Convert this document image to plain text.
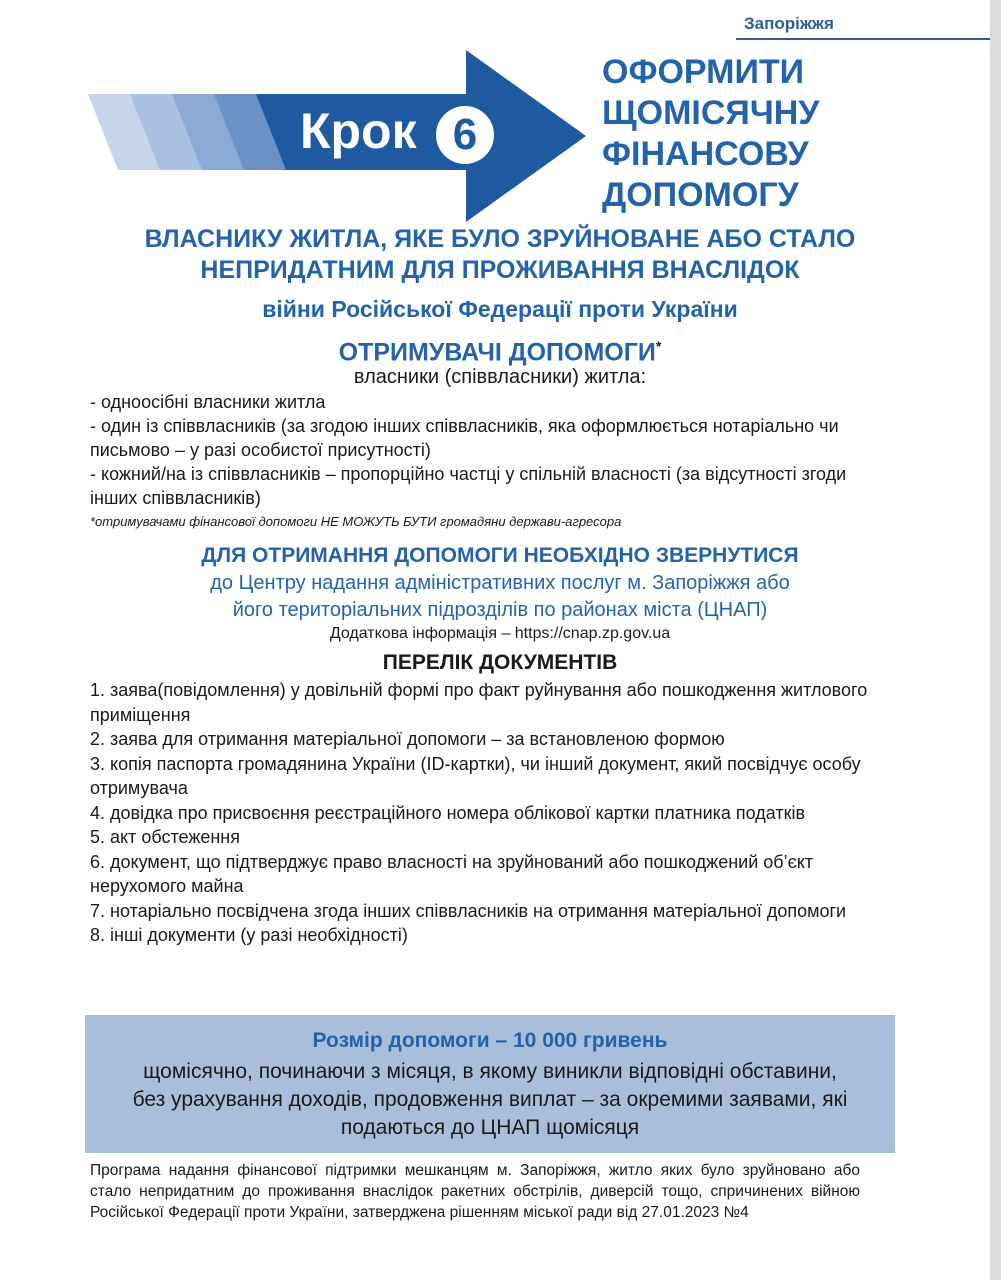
Запоріжжя
Крок 6
ОФОРМИТИ
ЩОМІСЯЧНУ
ФІНАНСОВУ
ДОПОМОГУ
ВЛАСНИКУ ЖИТЛА, ЯКЕ БУЛО ЗРУЙНОВАНЕ АБО СТАЛО
НЕПРИДАТНИМ ДЛЯ ПРОЖИВАННЯ ВНАСЛІДОК
війни Російської Федерації проти України
ОТРИМУВАЧІ ДОПОМОГИ*
власники (співвласники) житла:
- одноосібні власники житла
- один із співвласників (за згодою інших співвласників, яка оформлюється нотаріально чи письмово – у разі особистої присутності)
- кожний/на із співвласників – пропорційно частці у спільній власності (за відсутності згоди інших співвласників)
*отримувачами фінансової допомоги НЕ МОЖУТЬ БУТИ громадяни держави-агресора
ДЛЯ ОТРИМАННЯ ДОПОМОГИ НЕОБХІДНО ЗВЕРНУТИСЯ
до Центру надання адміністративних послуг м. Запоріжжя або
його територіальних підрозділів по районах міста (ЦНАП)
Додаткова інформація – https://cnap.zp.gov.ua
ПЕРЕЛІК ДОКУМЕНТІВ
1. заява(повідомлення) у довільній формі про факт руйнування або пошкодження житлового приміщення
2. заява для отримання матеріальної допомоги – за встановленою формою
3. копія паспорта громадянина України (ID-картки), чи інший документ, який посвідчує особу отримувача
4. довідка про присвоєння реєстраційного номера облікової картки платника податків
5. акт обстеження
6. документ, що підтверджує право власності на зруйнований або пошкоджений об’єкт нерухомого майна
7. нотаріально посвідчена згода інших співвласників на отримання матеріальної допомоги
8. інші документи (у разі необхідності)
Розмір допомоги – 10 000 гривень
щомісячно, починаючи з місяця, в якому виникли відповідні обставини, без урахування доходів, продовження виплат – за окремими заявами, які подаються до ЦНАП щомісяця
Програма надання фінансової підтримки мешканцям м. Запоріжжя, житло яких було зруйновано або стало непридатним до проживання внаслідок ракетних обстрілів, диверсій тощо, спричинених війною Російської Федерації проти України, затверджена рішенням міської ради від 27.01.2023 №4
